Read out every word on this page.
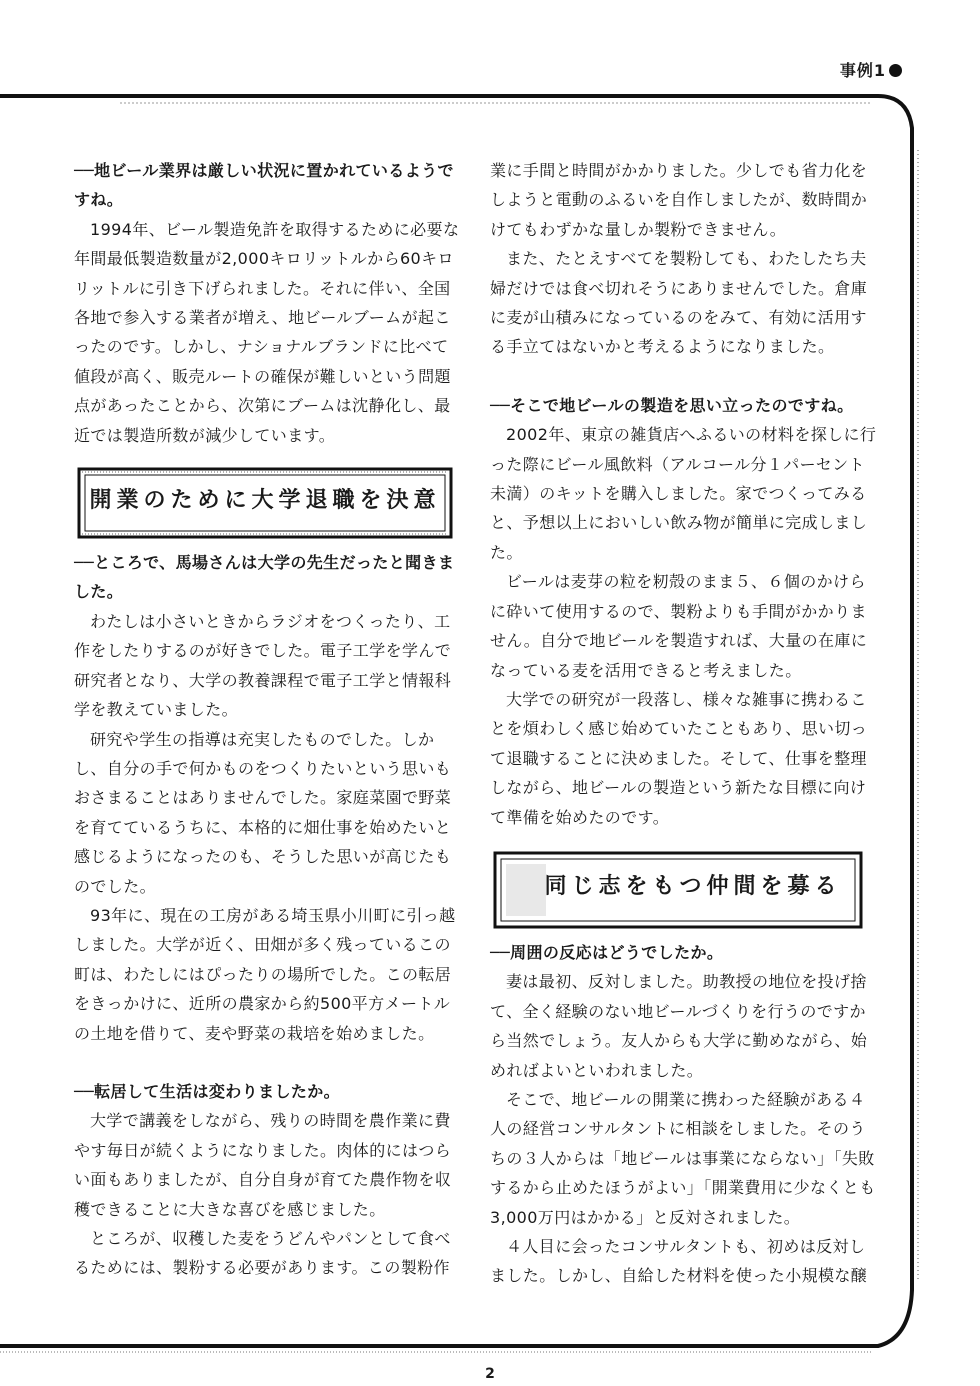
事例1

──地ビール業界は厳しい状況に置かれているようですね。

1994年、ビール製造免許を取得するために必要な年間最低製造数量が2,000キロリットルから60キロリットルに引き下げられました。それに伴い、全国各地で参入する業者が増え、地ビールブームが起こったのです。しかし、ナショナルブランドに比べて値段が高く、販売ルートの確保が難しいという問題点があったことから、次第にブームは沈静化し、最近では製造所数が減少しています。

開業のために大学退職を決意

──ところで、馬場さんは大学の先生だったと聞きました。

わたしは小さいときからラジオをつくったり、工作をしたりするのが好きでした。電子工学を学んで研究者となり、大学の教養課程で電子工学と情報科学を教えていました。

研究や学生の指導は充実したものでした。しかし、自分の手で何かものをつくりたいという思いもおさまることはありませんでした。家庭菜園で野菜を育てているうちに、本格的に畑仕事を始めたいと感じるようになったのも、そうした思いが高じたものでした。

93年に、現在の工房がある埼玉県小川町に引っ越しました。大学が近く、田畑が多く残っているこの町は、わたしにはぴったりの場所でした。この転居をきっかけに、近所の農家から約500平方メートルの土地を借りて、麦や野菜の栽培を始めました。

──転居して生活は変わりましたか。

大学で講義をしながら、残りの時間を農作業に費やす毎日が続くようになりました。肉体的にはつらい面もありましたが、自分自身が育てた農作物を収穫できることに大きな喜びを感じました。

ところが、収穫した麦をうどんやパンとして食べるためには、製粉する必要があります。この製粉作

業に手間と時間がかかりました。少しでも省力化をしようと電動のふるいを自作しましたが、数時間かけてもわずかな量しか製粉できません。

また、たとえすべてを製粉しても、わたしたち夫婦だけでは食べ切れそうにありませんでした。倉庫に麦が山積みになっているのをみて、有効に活用する手立てはないかと考えるようになりました。

──そこで地ビールの製造を思い立ったのですね。

2002年、東京の雑貨店へふるいの材料を探しに行った際にビール風飲料（アルコール分１パーセント未満）のキットを購入しました。家でつくってみると、予想以上においしい飲み物が簡単に完成しました。

ビールは麦芽の粒を籾殻のまま５、６個のかけらに砕いて使用するので、製粉よりも手間がかかりません。自分で地ビールを製造すれば、大量の在庫になっている麦を活用できると考えました。

大学での研究が一段落し、様々な雑事に携わることを煩わしく感じ始めていたこともあり、思い切って退職することに決めました。そして、仕事を整理しながら、地ビールの製造という新たな目標に向けて準備を始めたのです。

同じ志をもつ仲間を募る

──周囲の反応はどうでしたか。

妻は最初、反対しました。助教授の地位を投げ捨て、全く経験のない地ビールづくりを行うのですから当然でしょう。友人からも大学に勤めながら、始めればよいといわれました。

そこで、地ビールの開業に携わった経験がある４人の経営コンサルタントに相談をしました。そのうちの３人からは「地ビールは事業にならない」「失敗するから止めたほうがよい」「開業費用に少なくとも3,000万円はかかる」と反対されました。

４人目に会ったコンサルタントも、初めは反対しました。しかし、自給した材料を使った小規模な醸

2
